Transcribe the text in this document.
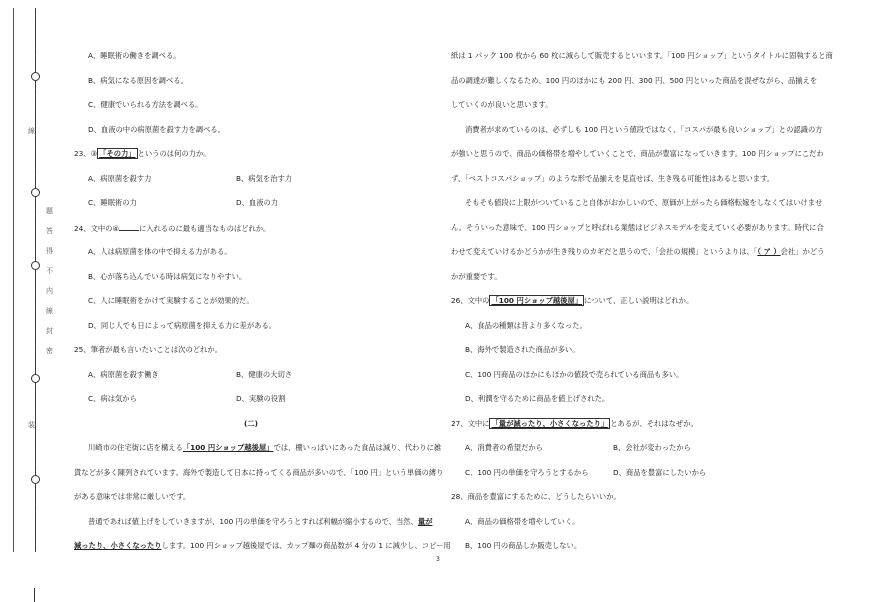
線
題
答
得
不
内
線
封
密
装
A、睡眠術の働きを調べる。
B、病気になる原因を調べる。
C、健康でいられる方法を調べる。
D、血液の中の病原菌を殺す力を調べる。
23、③ 「その力」 というのは何の力か。
A、病原菌を殺す力	B、病気を治す力
C、睡眠術の力	D、血液の力
24、文中の④	に入れるのに最も適当なものはどれか。
A、人は病原菌を体の中で抑える力がある。
B、心が落ち込んでいる時は病気になりやすい。
C、人に睡眠術をかけて実験することが効果的だ。
D、同じ人でも日によって病原菌を抑える力に差がある。
25、筆者が最も言いたいことは次のどれか。
A、病原菌を殺す働き	B、健康の大切さ
C、病は気から	D、実験の役割
(二)
川崎市の住宅街に店を構える「100 円ショップ越後屋」では、棚いっぱいにあった食品は減り、代わりに雑
貨などが多く陳列されています。海外で製造して日本に持ってくる商品が多いので、「100 円」という単価の縛り
がある意味では非常に厳しいです。
普通であれば値上げをしていきますが、100 円の単価を守ろうとすれば利幅が縮小するので、当然、量が
減ったり、小さくなったりします。100 円ショップ越後屋では、カップ麺の商品数が 4 分の 1 に減少し、コピー用
紙は 1 パック 100 枚から 60 枚に減らして販売するといいます。「100 円ショップ」というタイトルに固執すると商
品の調達が難しくなるため、100 円のほかにも 200 円、300 円、500 円といった商品を混ぜながら、品揃えを
していくのが良いと思います。
消費者が求めているのは、必ずしも 100 円という値段ではなく、「コスパが最も良いショップ」との認識の方
が強いと思うので、商品の価格帯を増やしていくことで、商品が豊富になっていきます。100 円ショップにこだわ
ず、「ベストコスパショップ」のような形で品揃えを見直せば、生き残る可能性はあると思います。
そもそも値段に上限がついていること自体がおかしいので、原価が上がったら価格転嫁をしなくてはいけませ
ん。そういった意味で、100 円ショップと呼ばれる業態はビジネスモデルを変えていく必要があります。時代に合
わせて変えていけるかどうかが生き残りのカギだと思うので、「会社の規模」というよりは、「（ ア ）会社」かどう
かが重要です。
26、文中の 「100 円ショップ越後屋」 について、正しい説明はどれか。
A、食品の種類は昔より多くなった。
B、海外で製造された商品が多い。
C、100 円商品のほかにもほかの値段で売られている商品も多い。
D、利潤を守るために商品を値上げされた。
27、文中に 「量が減ったり、小さくなったり」 とあるが、それはなぜか。
A、消費者の希望だから	B、会社が変わったから
C、100 円の単価を守ろうとするから	D、商品を豊富にしたいから
28、商品を豊富にするために、どうしたらいいか。
A、商品の価格帯を増やしていく。
B、100 円の商品しか販売しない。
3
